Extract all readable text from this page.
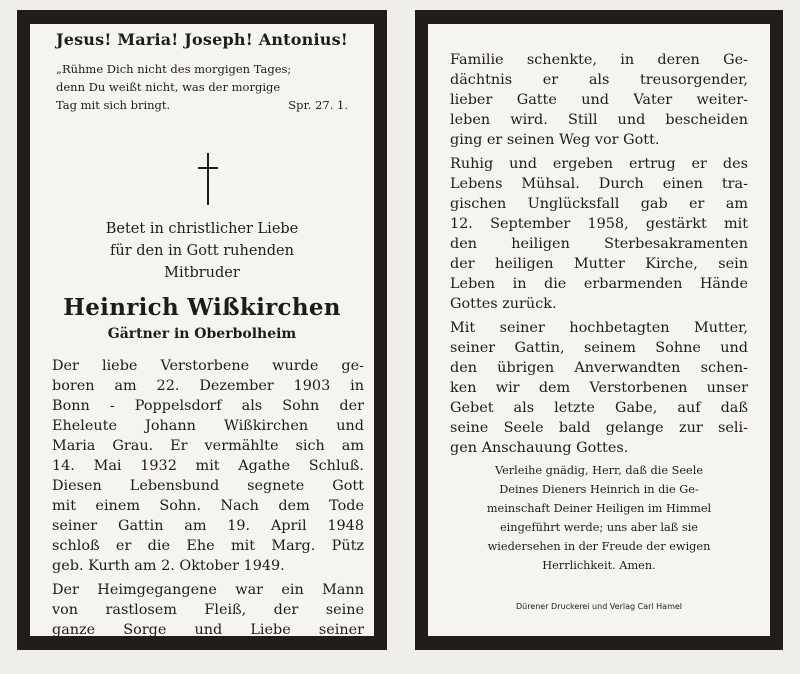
Jesus! Maria! Joseph! Antonius!
„Rühme Dich nicht des morgigen Tages;
denn Du weißt nicht, was der morgige
Tag mit sich bringt.	Spr. 27. 1.
Betet in christlicher Liebe
für den in Gott ruhenden
Mitbruder
Heinrich Wißkirchen
Gärtner in Oberbolheim
Der liebe Verstorbene wurde ge-
boren am 22. Dezember 1903 in
Bonn - Poppelsdorf als Sohn der
Eheleute Johann Wißkirchen und
Maria Grau. Er vermählte sich am
14. Mai 1932 mit Agathe Schluß.
Diesen Lebensbund segnete Gott
mit einem Sohn. Nach dem Tode
seiner Gattin am 19. April 1948
schloß er die Ehe mit Marg. Pütz
geb. Kurth am 2. Oktober 1949.
Der Heimgegangene war ein Mann
von rastlosem Fleiß, der seine
ganze Sorge und Liebe seiner
Familie schenkte, in deren Ge-
dächtnis er als treusorgender,
lieber Gatte und Vater weiter-
leben wird. Still und bescheiden
ging er seinen Weg vor Gott.
Ruhig und ergeben ertrug er des
Lebens Mühsal. Durch einen tra-
gischen Unglücksfall gab er am
12. September 1958, gestärkt mit
den heiligen Sterbesakramenten
der heiligen Mutter Kirche, sein
Leben in die erbarmenden Hände
Gottes zurück.
Mit seiner hochbetagten Mutter,
seiner Gattin, seinem Sohne und
den übrigen Anverwandten schen-
ken wir dem Verstorbenen unser
Gebet als letzte Gabe, auf daß
seine Seele bald gelange zur seli-
gen Anschauung Gottes.
Verleihe gnädig, Herr, daß die Seele
Deines Dieners Heinrich in die Ge-
meinschaft Deiner Heiligen im Himmel
eingeführt werde; uns aber laß sie
wiedersehen in der Freude der ewigen
Herrlichkeit. Amen.
Dürener Druckerei und Verlag Carl Hamel
